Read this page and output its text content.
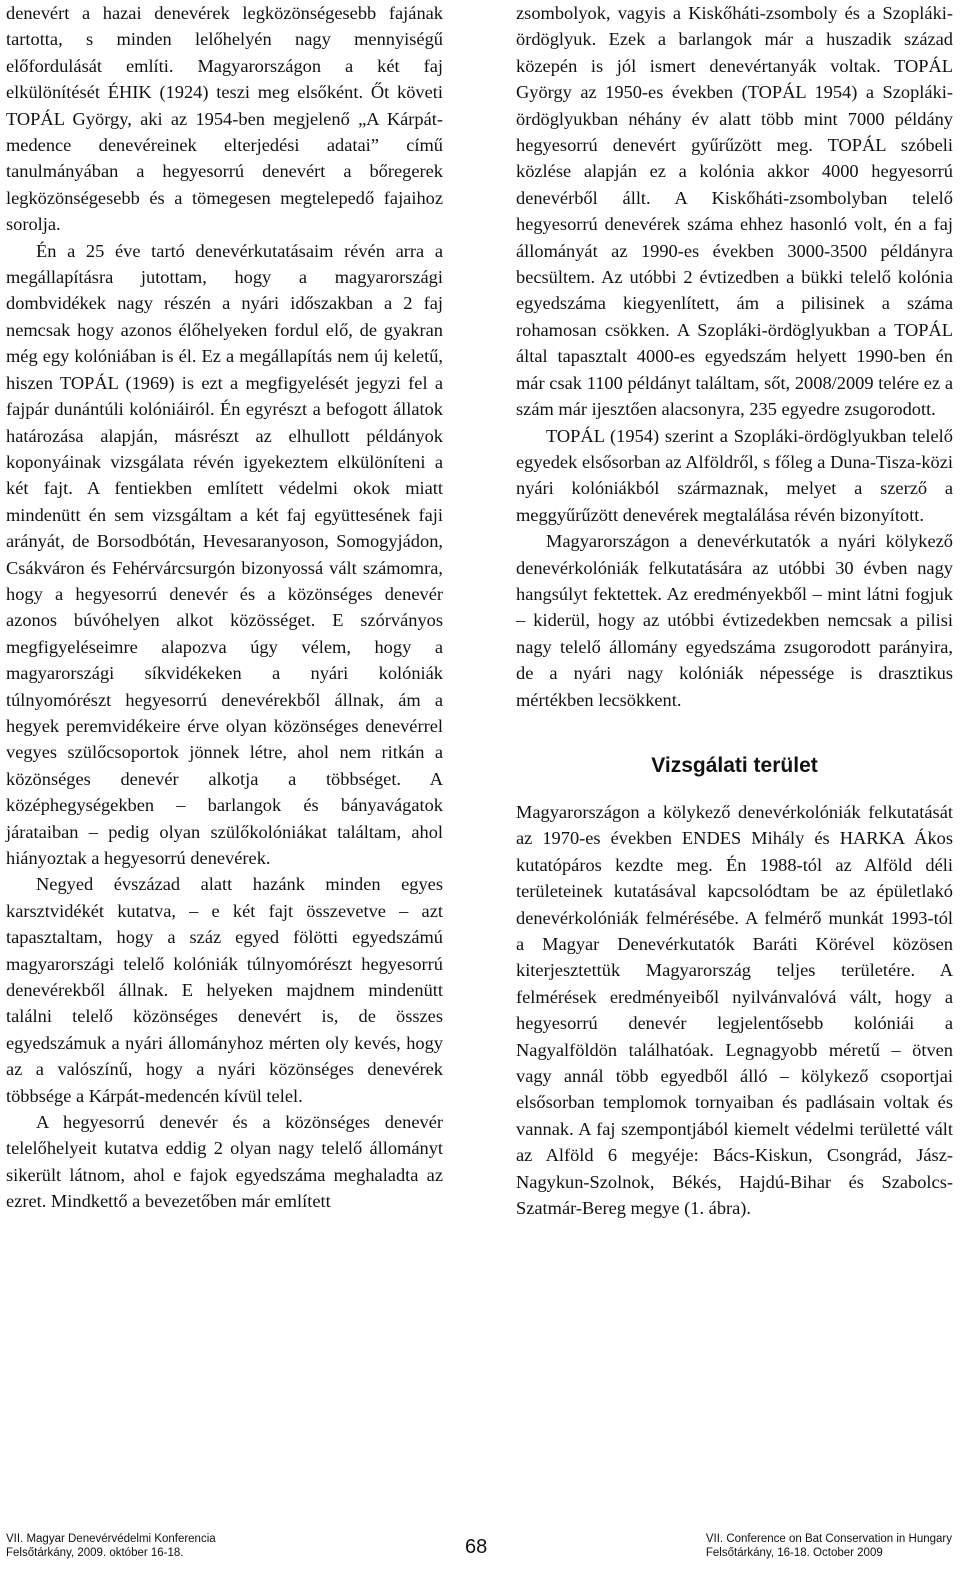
denevért a hazai denevérek legközönségesebb fajának tartotta, s minden lelőhelyén nagy mennyiségű előfordulását említi. Magyarországon a két faj elkülönítését ÉHIK (1924) teszi meg elsőként. Őt követi TOPÁL György, aki az 1954-ben megjelenő „A Kárpát-medence denevéreinek elterjedési adatai” című tanulmányában a hegyesorrú denevért a bőregerek legközönségesebb és a tömegesen megtelepedő fajaihoz sorolja.

Én a 25 éve tartó denevérkutatásaim révén arra a megállapításra jutottam, hogy a magyarországi dombvidékek nagy részén a nyári időszakban a 2 faj nemcsak hogy azonos élőhelyeken fordul elő, de gyakran még egy kolóniában is él. Ez a megállapítás nem új keletű, hiszen TOPÁL (1969) is ezt a megfigyelését jegyzi fel a fajpár dunántúli kolóniáiról. Én egyrészt a befogott állatok határozása alapján, másrészt az elhullott példányok koponyáinak vizsgálata révén igyekeztem elkülöníteni a két fajt. A fentiekben említett védelmi okok miatt mindenütt én sem vizsgáltam a két faj együttesének faji arányát, de Borsodbótán, Hevesaranyoson, Somogyjádon, Csákváron és Fehérvárcsurgón bizonyossá vált számomra, hogy a hegyesorrú denevér és a közönséges denevér azonos búvóhelyen alkot közösséget. E szórványos megfigyeléseimre alapozva úgy vélem, hogy a magyarországi síkvidékeken a nyári kolóniák túlnyomórészt hegyesorrú denevérekből állnak, ám a hegyek peremvidékeire érve olyan közönséges denevérrel vegyes szülőcsoportok jönnek létre, ahol nem ritkán a közönséges denevér alkotja a többséget. A középhegységekben – barlangok és bányavágatok járataiban – pedig olyan szülőkolóniákat találtam, ahol hiányoztak a hegyesorrú denevérek.

Negyed évszázad alatt hazánk minden egyes karsztvidékét kutatva, – e két fajt összevetve – azt tapasztaltam, hogy a száz egyed fölötti egyedszámú magyarországi telelő kolóniák túlnyomórészt hegyesorrú denevérekből állnak. E helyeken majdnem mindenütt találni telelő közönséges denevért is, de összes egyedszámuk a nyári állományhoz mérten oly kevés, hogy az a valószínű, hogy a nyári közönséges denevérek többsége a Kárpát-medencén kívül telel.

A hegyesorrú denevér és a közönséges denevér telelőhelyeit kutatva eddig 2 olyan nagy telelő állományt sikerült látnom, ahol e fajok egyedszáma meghaladta az ezret. Mindkettő a bevezetőben már említett

zsombolyok, vagyis a Kiskőháti-zsomboly és a Szopláki-ördöglyuk. Ezek a barlangok már a huszadik század közepén is jól ismert denevértanyák voltak. TOPÁL György az 1950-es években (TOPÁL 1954) a Szopláki-ördöglyukban néhány év alatt több mint 7000 példány hegyesorrú denevért gyűrűzött meg. TOPÁL szóbeli közlése alapján ez a kolónia akkor 4000 hegyesorrú denevérből állt. A Kiskőháti-zsombolyban telelő hegyesorrú denevérek száma ehhez hasonló volt, én a faj állományát az 1990-es években 3000-3500 példányra becsültem. Az utóbbi 2 évtizedben a bükki telelő kolónia egyedszáma kiegyenlített, ám a pilisinek a száma rohamosan csökken. A Szopláki-ördöglyukban a TOPÁL által tapasztalt 4000-es egyedszám helyett 1990-ben én már csak 1100 példányt találtam, sőt, 2008/2009 telére ez a szám már ijesztően alacsonyra, 235 egyedre zsugorodott.

TOPÁL (1954) szerint a Szopláki-ördöglyukban telelő egyedek elsősorban az Alföldről, s főleg a Duna-Tisza-közi nyári kolóniákból származnak, melyet a szerző a meggyűrűzött denevérek megtalálása révén bizonyított.

Magyarországon a denevérkutatók a nyári kölykező denevérkolóniák felkutatására az utóbbi 30 évben nagy hangsúlyt fektettek. Az eredményekből – mint látni fogjuk – kiderül, hogy az utóbbi évtizedekben nemcsak a pilisi nagy telelő állomány egyedszáma zsugorodott parányira, de a nyári nagy kolóniák népessége is drasztikus mértékben lecsökkent.

Vizsgálati terület

Magyarországon a kölykező denevérkolóniák felkutatását az 1970-es években ENDES Mihály és HARKA Ákos kutatópáros kezdte meg. Én 1988-tól az Alföld déli területeinek kutatásával kapcsolódtam be az épületlakó denevérkolóniák felmérésébe. A felmérő munkát 1993-tól a Magyar Denevérkutatók Baráti Körével közösen kiterjesztettük Magyarország teljes területére. A felmérések eredményeiből nyilvánvalóvá vált, hogy a hegyesorrú denevér legjelentősebb kolóniái a Nagyalföldön találhatóak. Legnagyobb méretű – ötven vagy annál több egyedből álló – kölykező csoportjai elsősorban templomok tornyaiban és padlásain voltak és vannak. A faj szempontjából kiemelt védelmi területté vált az Alföld 6 megyéje: Bács-Kiskun, Csongrád, Jász-Nagykun-Szolnok, Békés, Hajdú-Bihar és Szabolcs-Szatmár-Bereg megye (1. ábra).

VII. Magyar Denevérvédelmi Konferencia
Felsőtárkány, 2009. október 16-18.	68	VII. Conference on Bat Conservation in Hungary
Felsőtárkány, 16-18. October 2009
